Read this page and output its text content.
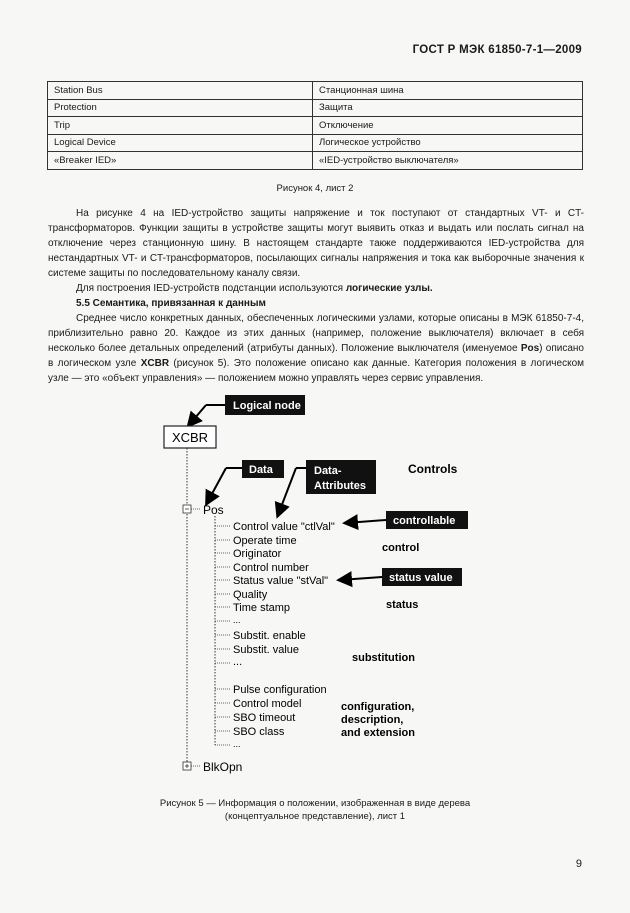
ГОСТ Р МЭК 61850-7-1—2009
Station Bus	Станционная шина
Protection	Защита
Trip	Отключение
Logical Device	Логическое устройство
«Breaker IED»	«IED-устройство выключателя»
Рисунок 4, лист 2

На рисунке 4 на IED-устройство защиты напряжение и ток поступают от стандартных VT- и CT-трансформаторов. Функции защиты в устройстве защиты могут выявить отказ и выдать или послать сигнал на отключение через станционную шину. В настоящем стандарте также поддерживаются IED-устройства для нестандартных VT- и CT-трансформаторов, посылающих сигналы напряжения и тока как выборочные значения к системе защиты по последовательному каналу связи.

Для построения IED-устройств подстанции используются логические узлы.

5.5 Семантика, привязанная к данным

Среднее число конкретных данных, обеспеченных логическими узлами, которые описаны в МЭК 61850-7-4, приблизительно равно 20. Каждое из этих данных (например, положение выключателя) включает в себя несколько более детальных определений (атрибуты данных). Положение выключателя (именуемое Pos) описано в логическом узле XCBR (рисунок 5). Это положение описано как данные. Категория положения в логическом узле — это «объект управления» — положением можно управлять через сервис управления.

Logical node
XCBR
Data	Data-
Attributes
Controls
Pos
Control value "ctlVal"
Operate time
Originator
Control number
Status value "stVal"
Quality
Time stamp
...
Substit. enable
Substit. value
...
Pulse configuration
Control model
SBO timeout
SBO class
...
controllable
control
status value
status
substitution
configuration,
description,
and extension
BlkOpn
Рисунок 5 — Информация о положении, изображенная в виде дерева
(концептуальное представление), лист 1
9
